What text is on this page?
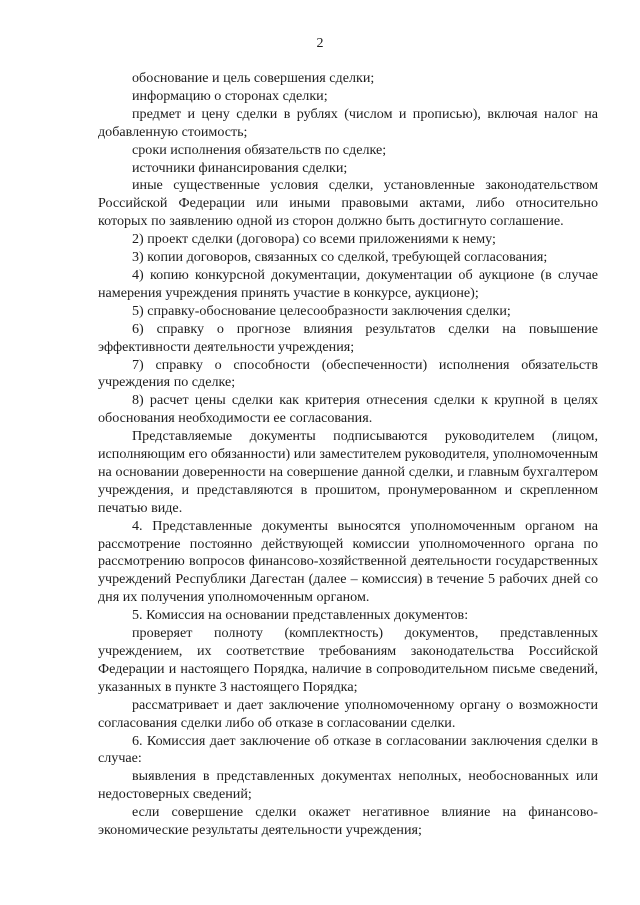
2

обоснование и цель совершения сделки;

информацию о сторонах сделки;

предмет и цену сделки в рублях (числом и прописью), включая налог на добавленную стоимость;

сроки исполнения обязательств по сделке;

источники финансирования сделки;

иные существенные условия сделки, установленные законодательством Российской Федерации или иными правовыми актами, либо относительно которых по заявлению одной из сторон должно быть достигнуто соглашение.

2) проект сделки (договора) со всеми приложениями к нему;

3) копии договоров, связанных со сделкой, требующей согласования;

4) копию конкурсной документации, документации об аукционе (в случае намерения учреждения принять участие в конкурсе, аукционе);

5) справку-обоснование целесообразности заключения сделки;

6) справку о прогнозе влияния результатов сделки на повышение эффективности деятельности учреждения;

7) справку о способности (обеспеченности) исполнения обязательств учреждения по сделке;

8) расчет цены сделки как критерия отнесения сделки к крупной в целях обоснования необходимости ее согласования.

Представляемые документы подписываются руководителем (лицом, исполняющим его обязанности) или заместителем руководителя, уполномоченным на основании доверенности на совершение данной сделки, и главным бухгалтером учреждения, и представляются в прошитом, пронумерованном и скрепленном печатью виде.

4. Представленные документы выносятся уполномоченным органом на рассмотрение постоянно действующей комиссии уполномоченного органа по рассмотрению вопросов финансово-хозяйственной деятельности государственных учреждений Республики Дагестан (далее – комиссия) в течение 5 рабочих дней со дня их получения уполномоченным органом.

5. Комиссия на основании представленных документов:

проверяет полноту (комплектность) документов, представленных учреждением, их соответствие требованиям законодательства Российской Федерации и настоящего Порядка, наличие в сопроводительном письме сведений, указанных в пункте 3 настоящего Порядка;

рассматривает и дает заключение уполномоченному органу о возможности согласования сделки либо об отказе в согласовании сделки.

6. Комиссия дает заключение об отказе в согласовании заключения сделки в случае:

выявления в представленных документах неполных, необоснованных или недостоверных сведений;

если совершение сделки окажет негативное влияние на финансово-экономические результаты деятельности учреждения;
